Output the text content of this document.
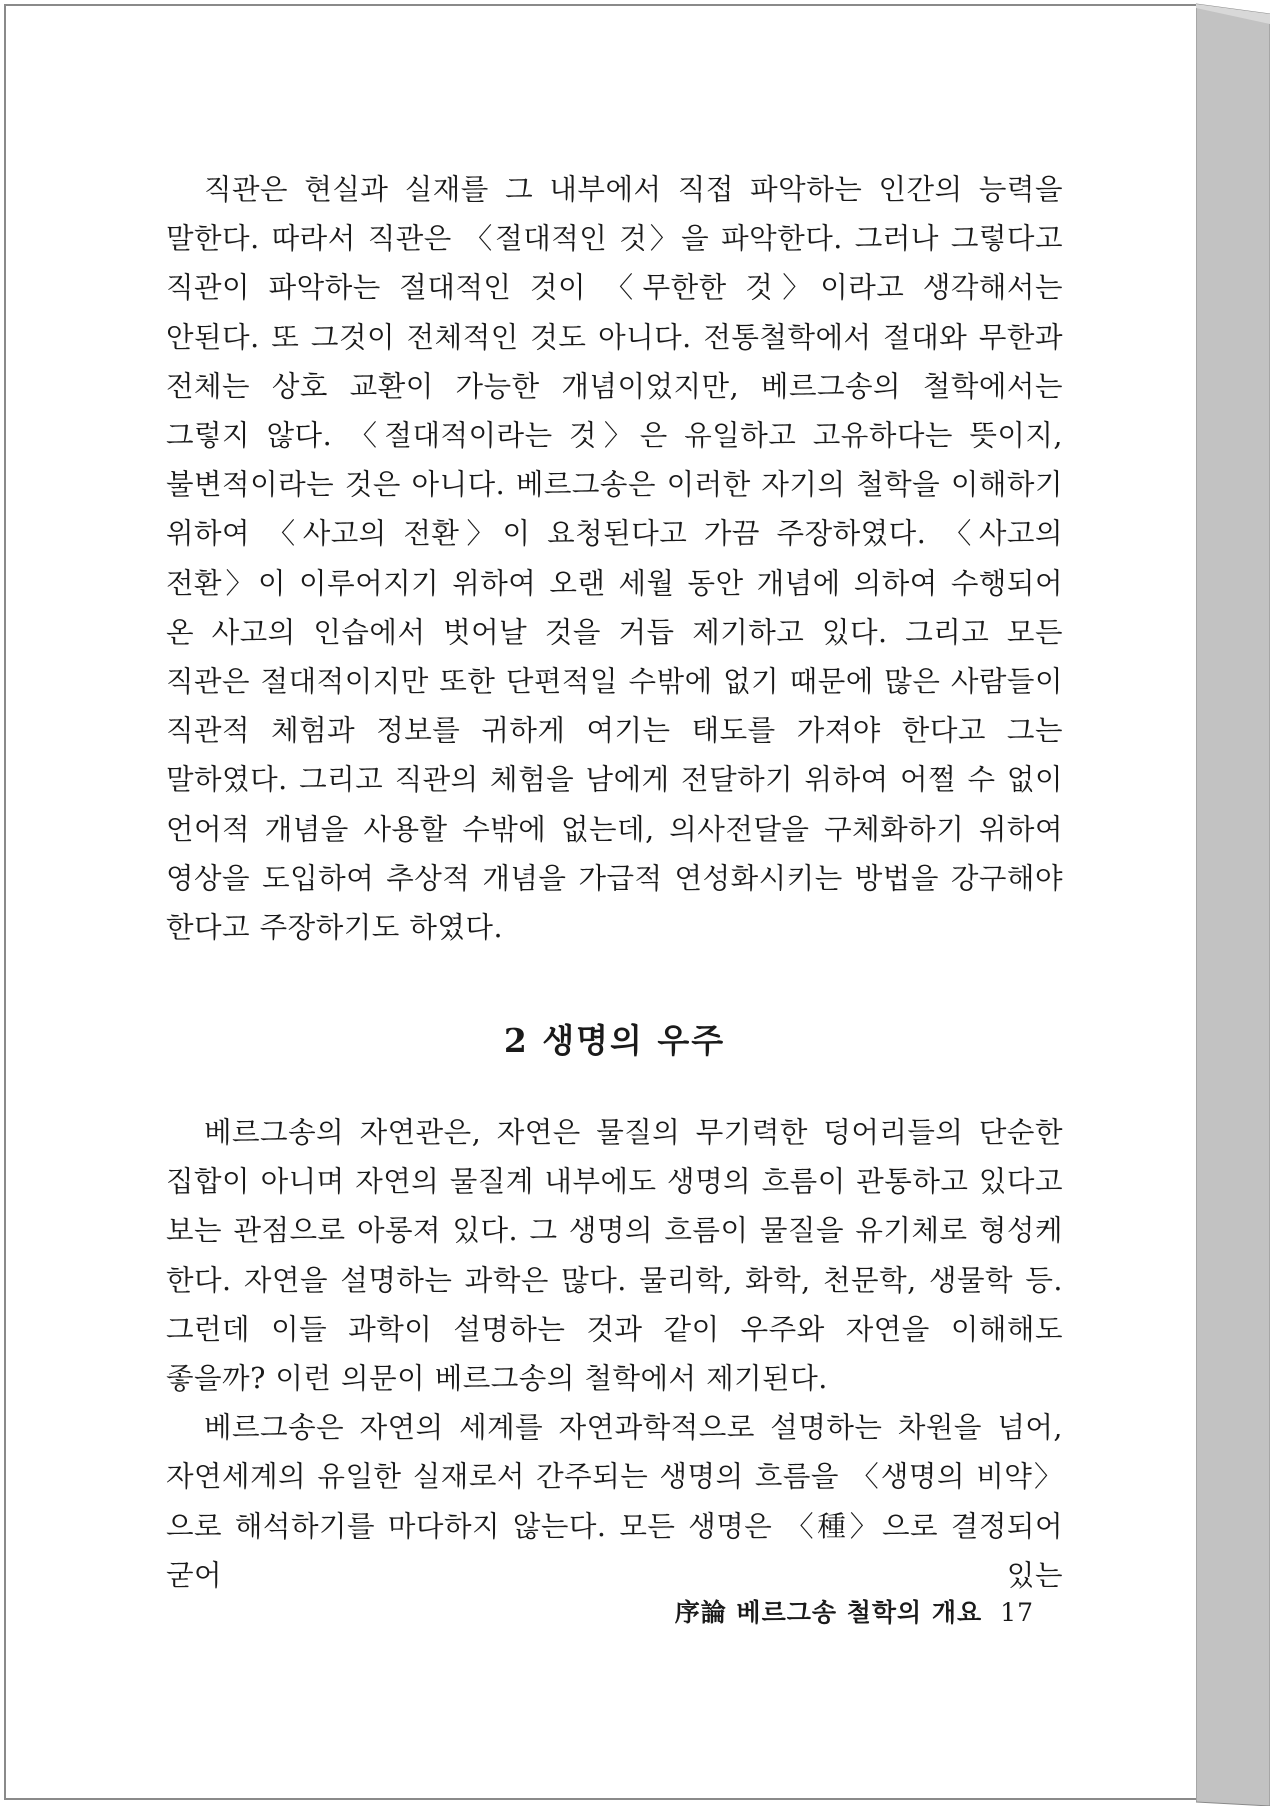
직관은 현실과 실재를 그 내부에서 직접 파악하는 인간의 능력을 말한다. 따라서 직관은 〈절대적인 것〉을 파악한다. 그러나 그렇다고 직관이 파악하는 절대적인 것이 〈무한한 것〉이라고 생각해서는 안된다. 또 그것이 전체적인 것도 아니다. 전통철학에서 절대와 무한과 전체는 상호 교환이 가능한 개념이었지만, 베르그송의 철학에서는 그렇지 않다. 〈절대적이라는 것〉은 유일하고 고유하다는 뜻이지, 불변적이라는 것은 아니다. 베르그송은 이러한 자기의 철학을 이해하기 위하여 〈사고의 전환〉이 요청된다고 가끔 주장하였다. 〈사고의 전환〉이 이루어지기 위하여 오랜 세월 동안 개념에 의하여 수행되어 온 사고의 인습에서 벗어날 것을 거듭 제기하고 있다. 그리고 모든 직관은 절대적이지만 또한 단편적일 수밖에 없기 때문에 많은 사람들이 직관적 체험과 정보를 귀하게 여기는 태도를 가져야 한다고 그는 말하였다. 그리고 직관의 체험을 남에게 전달하기 위하여 어쩔 수 없이 언어적 개념을 사용할 수밖에 없는데, 의사전달을 구체화하기 위하여 영상을 도입하여 추상적 개념을 가급적 연성화시키는 방법을 강구해야 한다고 주장하기도 하였다.

2 생명의 우주

베르그송의 자연관은, 자연은 물질의 무기력한 덩어리들의 단순한 집합이 아니며 자연의 물질계 내부에도 생명의 흐름이 관통하고 있다고 보는 관점으로 아롱져 있다. 그 생명의 흐름이 물질을 유기체로 형성케 한다. 자연을 설명하는 과학은 많다. 물리학, 화학, 천문학, 생물학 등. 그런데 이들 과학이 설명하는 것과 같이 우주와 자연을 이해해도 좋을까? 이런 의문이 베르그송의 철학에서 제기된다.

베르그송은 자연의 세계를 자연과학적으로 설명하는 차원을 넘어, 자연세계의 유일한 실재로서 간주되는 생명의 흐름을 〈생명의 비약〉으로 해석하기를 마다하지 않는다. 모든 생명은 〈種〉으로 결정되어 굳어 있는

序論 베르그송 철학의 개요 17
